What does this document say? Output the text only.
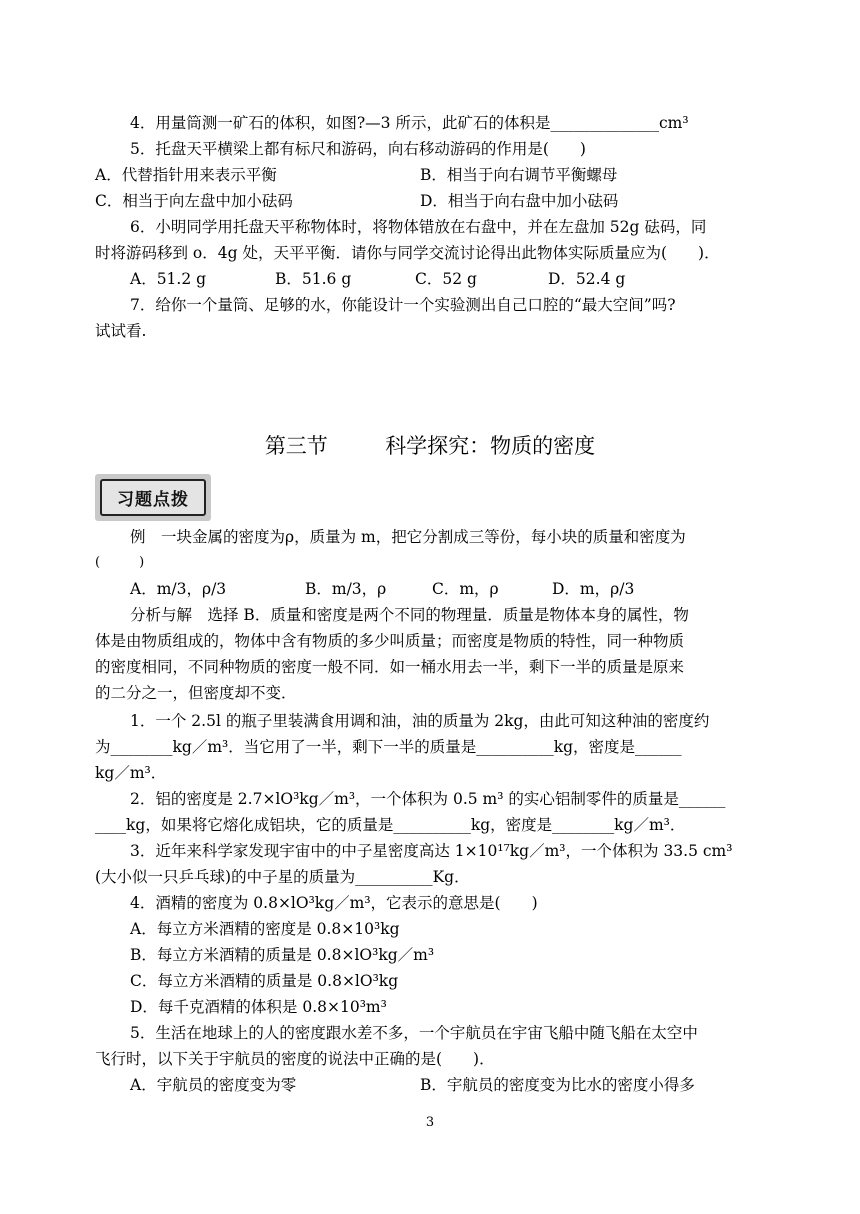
4．用量筒测一矿石的体积，如图?—3 所示，此矿石的体积是______________cm³
5．托盘天平横梁上都有标尺和游码，向右移动游码的作用是(　　)
A．代替指针用来表示平衡	B．相当于向右调节平衡螺母
C．相当于向左盘中加小砝码	D．相当于向右盘中加小砝码
6．小明同学用托盘天平称物体时，将物体错放在右盘中，并在左盘加 52g 砝码，同
时将游码移到 o．4g 处，天平平衡．请你与同学交流讨论得出此物体实际质量应为(　　)．
A．51.2 g	B．51.6 g	C．52 g	D．52.4 g
7．给你一个量筒、足够的水，你能设计一个实验测出自己口腔的“最大空间”吗?
试试看.
第三节	科学探究：物质的密度
习题点拨
例　一块金属的密度为ρ，质量为 m，把它分割成三等份，每小块的质量和密度为
(　　　)
A．m/3，ρ/3	B．m/3，ρ	C．m，ρ	D．m，ρ/3
分析与解　选择 B．质量和密度是两个不同的物理量．质量是物体本身的属性，物
体是由物质组成的，物体中含有物质的多少叫质量；而密度是物质的特性，同一种物质
的密度相同，不同种物质的密度一般不同．如一桶水用去一半，剩下一半的质量是原来
的二分之一，但密度却不变．
1．一个 2.5l 的瓶子里装满食用调和油，油的质量为 2kg，由此可知这种油的密度约
为________kg／m³．当它用了一半，剩下一半的质量是__________kg，密度是______
kg／m³．
2．铝的密度是 2.7×lO³kg／m³，一个体积为 0.5 m³ 的实心铝制零件的质量是______
____kg，如果将它熔化成铝块，它的质量是__________kg，密度是________kg／m³．
3．近年来科学家发现宇宙中的中子星密度高达 1×10¹⁷kg／m³，一个体积为 33.5 cm³
(大小似一只乒乓球)的中子星的质量为__________Kg．
4．酒精的密度为 0.8×lO³kg／m³，它表示的意思是(　　)
A．每立方米酒精的密度是 0.8×10³kg
B．每立方米酒精的质量是 0.8×lO³kg／m³
C．每立方米酒精的质量是 0.8×lO³kg
D．每千克酒精的体积是 0.8×10³m³
5．生活在地球上的人的密度跟水差不多，一个宇航员在宇宙飞船中随飞船在太空中
飞行时，以下关于宇航员的密度的说法中正确的是(　　)．
A．宇航员的密度变为零	B．宇航员的密度变为比水的密度小得多
3
